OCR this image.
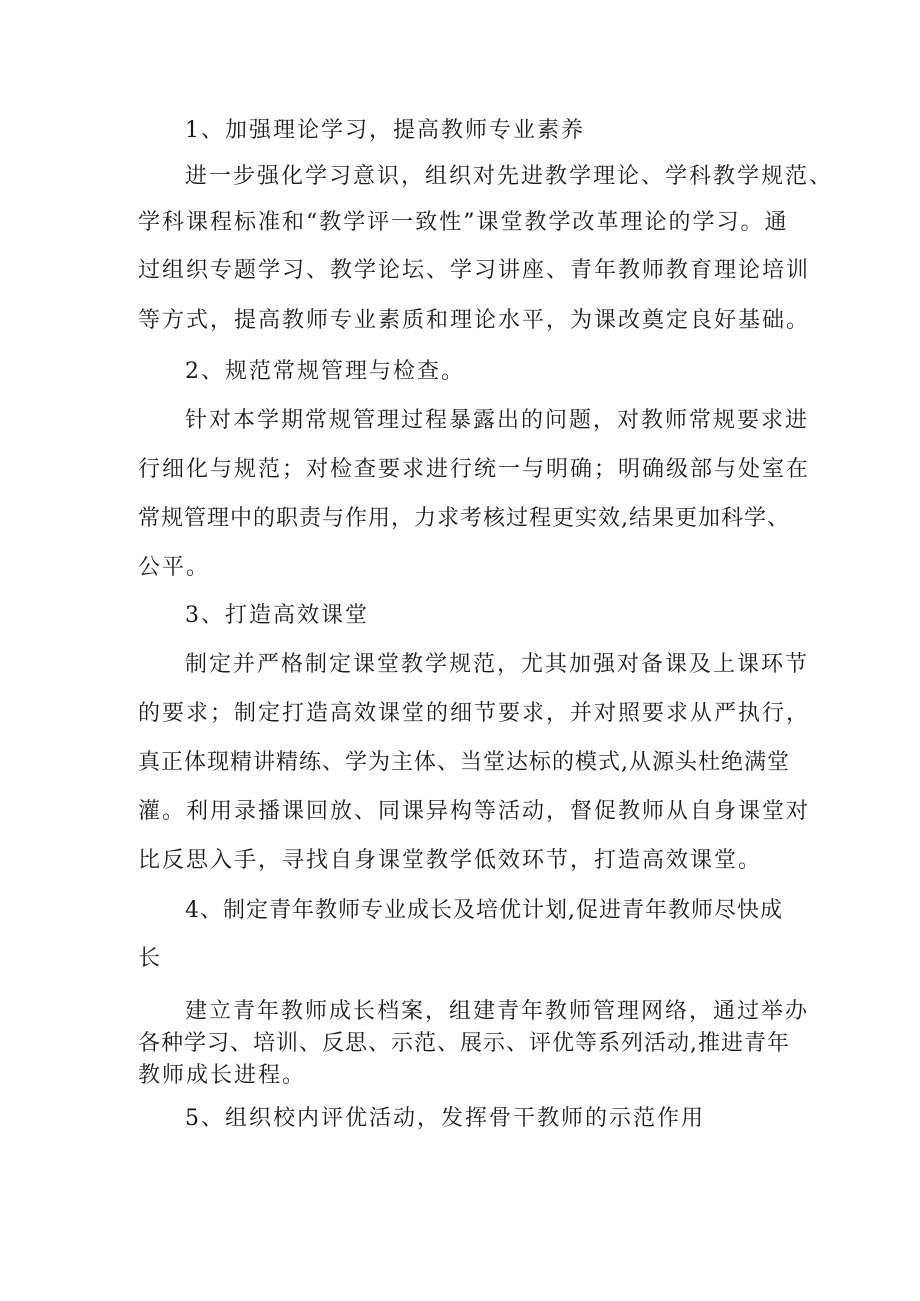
1、加强理论学习，提高教师专业素养

进一步强化学习意识，组织对先进教学理论、学科教学规范、

学科课程标准和“教学评一致性”课堂教学改革理论的学习。通

过组织专题学习、教学论坛、学习讲座、青年教师教育理论培训

等方式，提高教师专业素质和理论水平，为课改奠定良好基础。

2、规范常规管理与检查。

针对本学期常规管理过程暴露出的问题，对教师常规要求进

行细化与规范；对检查要求进行统一与明确；明确级部与处室在

常规管理中的职责与作用，力求考核过程更实效,结果更加科学、

公平。

3、打造高效课堂

制定并严格制定课堂教学规范，尤其加强对备课及上课环节

的要求；制定打造高效课堂的细节要求，并对照要求从严执行，

真正体现精讲精练、学为主体、当堂达标的模式,从源头杜绝满堂

灌。利用录播课回放、同课异构等活动，督促教师从自身课堂对

比反思入手，寻找自身课堂教学低效环节，打造高效课堂。

4、制定青年教师专业成长及培优计划,促进青年教师尽快成

长

建立青年教师成长档案，组建青年教师管理网络，通过举办

各种学习、培训、反思、示范、展示、评优等系列活动,推进青年

教师成长进程。

5、组织校内评优活动，发挥骨干教师的示范作用
